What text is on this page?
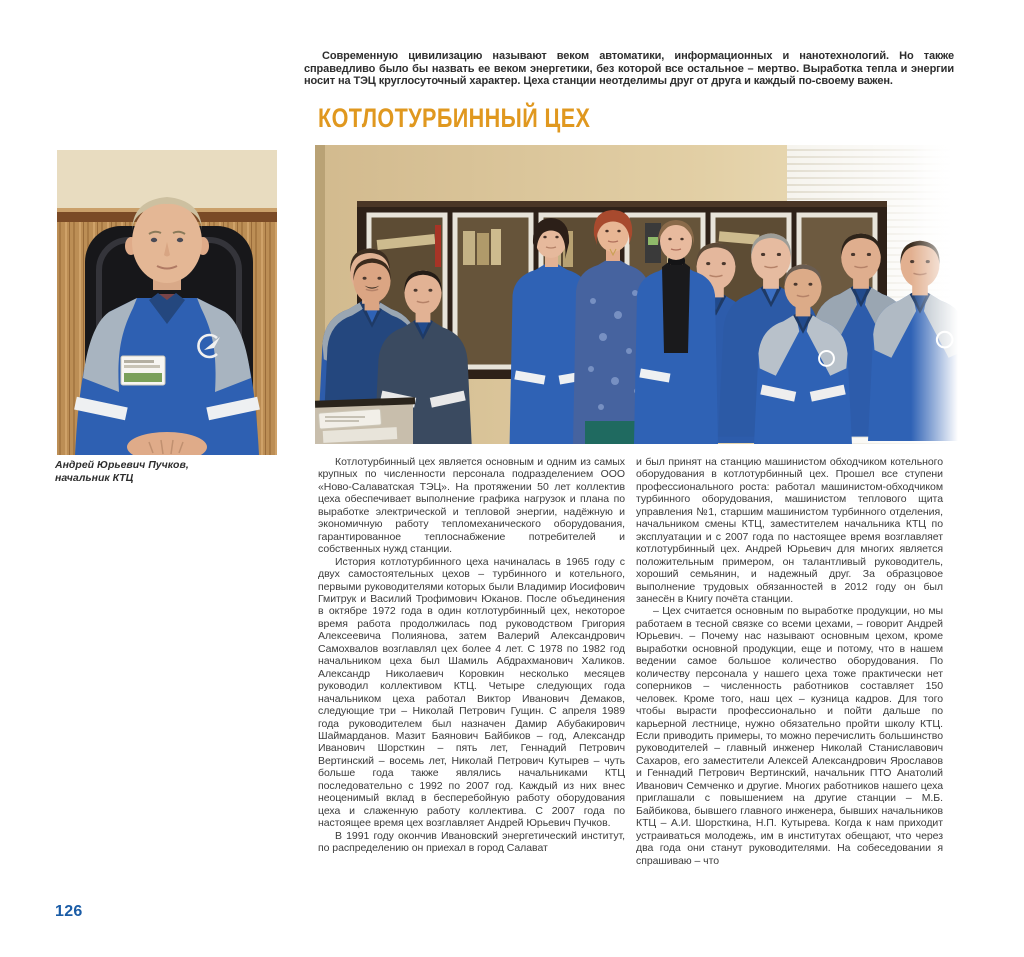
Современную цивилизацию называют веком автоматики, информационных и нанотехнологий. Но также справедливо было бы назвать ее веком энергетики, без которой все остальное – мертво. Выработка тепла и энергии носит на ТЭЦ круглосуточный характер. Цеха станции неотделимы друг от друга и каждый по-своему важен.
КОТЛОТУРБИННЫЙ ЦЕХ
Андрей Юрьевич Пучков,
начальник КТЦ

Котлотурбинный цех является основным и одним из самых крупных по численности персонала подразделением ООО «Ново-Салаватская ТЭЦ». На протяжении 50 лет коллектив цеха обеспечивает выполнение графика нагрузок и плана по выработке электрической и тепловой энергии, надёжную и экономичную работу тепломеханического оборудования, гарантированное теплоснабжение потребителей и собственных нужд станции.

История котлотурбинного цеха начиналась в 1965 году с двух самостоятельных цехов – турбинного и котельного, первыми руководителями которых были Владимир Иосифович Гмитрук и Василий Трофимович Юканов. После объединения в октябре 1972 года в один котлотурбинный цех, некоторое время работа продолжилась под руководством Григория Алексеевича Полиянова, затем Валерий Александрович Самохвалов возглавлял цех более 4 лет. С 1978 по 1982 год начальником цеха был Шамиль Абдрахманович Халиков. Александр Николаевич Коровкин несколько месяцев руководил коллективом КТЦ. Четыре следующих года начальником цеха работал Виктор Иванович Демаков, следующие три – Николай Петрович Гущин. С апреля 1989 года руководителем был назначен Дамир Абубакирович Шаймарданов. Мазит Баянович Байбиков – год, Александр Иванович Шорсткин – пять лет, Геннадий Петрович Вертинский – восемь лет, Николай Петрович Кутырев – чуть больше года также являлись начальниками КТЦ последовательно с 1992 по 2007 год. Каждый из них внес неоценимый вклад в бесперебойную работу оборудования цеха и слаженную работу коллектива. С 2007 года по настоящее время цех возглавляет Андрей Юрьевич Пучков.

В 1991 году окончив Ивановский энергетический институт, по распределению он приехал в город Салават

и был принят на станцию машинистом обходчиком котельного оборудования в котлотурбинный цех. Прошел все ступени профессионального роста: работал машинистом-обходчиком турбинного оборудования, машинистом теплового щита управления №1, старшим машинистом турбинного отделения, начальником смены КТЦ, заместителем начальника КТЦ по эксплуатации и с 2007 года по настоящее время возглавляет котлотурбинный цех. Андрей Юрьевич для многих является положительным примером, он талантливый руководитель, хороший семьянин, и надежный друг. За образцовое выполнение трудовых обязанностей в 2012 году он был занесён в Книгу почёта станции.

– Цех считается основным по выработке продукции, но мы работаем в тесной связке со всеми цехами, – говорит Андрей Юрьевич. – Почему нас называют основным цехом, кроме выработки основной продукции, еще и потому, что в нашем ведении самое большое количество оборудования. По количеству персонала у нашего цеха тоже практически нет соперников – численность работников составляет 150 человек. Кроме того, наш цех – кузница кадров. Для того чтобы вырасти профессионально и пойти дальше по карьерной лестнице, нужно обязательно пройти школу КТЦ. Если приводить примеры, то можно перечислить большинство руководителей – главный инженер Николай Станиславович Сахаров, его заместители Алексей Александрович Ярославов и Геннадий Петрович Вертинский, начальник ПТО Анатолий Иванович Семченко и другие. Многих работников нашего цеха приглашали с повышением на другие станции – М.Б. Байбикова, бывшего главного инженера, бывших начальников КТЦ – А.И. Шорсткина, Н.П. Кутырева. Когда к нам приходит устраиваться молодежь, им в институтах обещают, что через два года они станут руководителями. На собеседовании я спрашиваю – что

126
